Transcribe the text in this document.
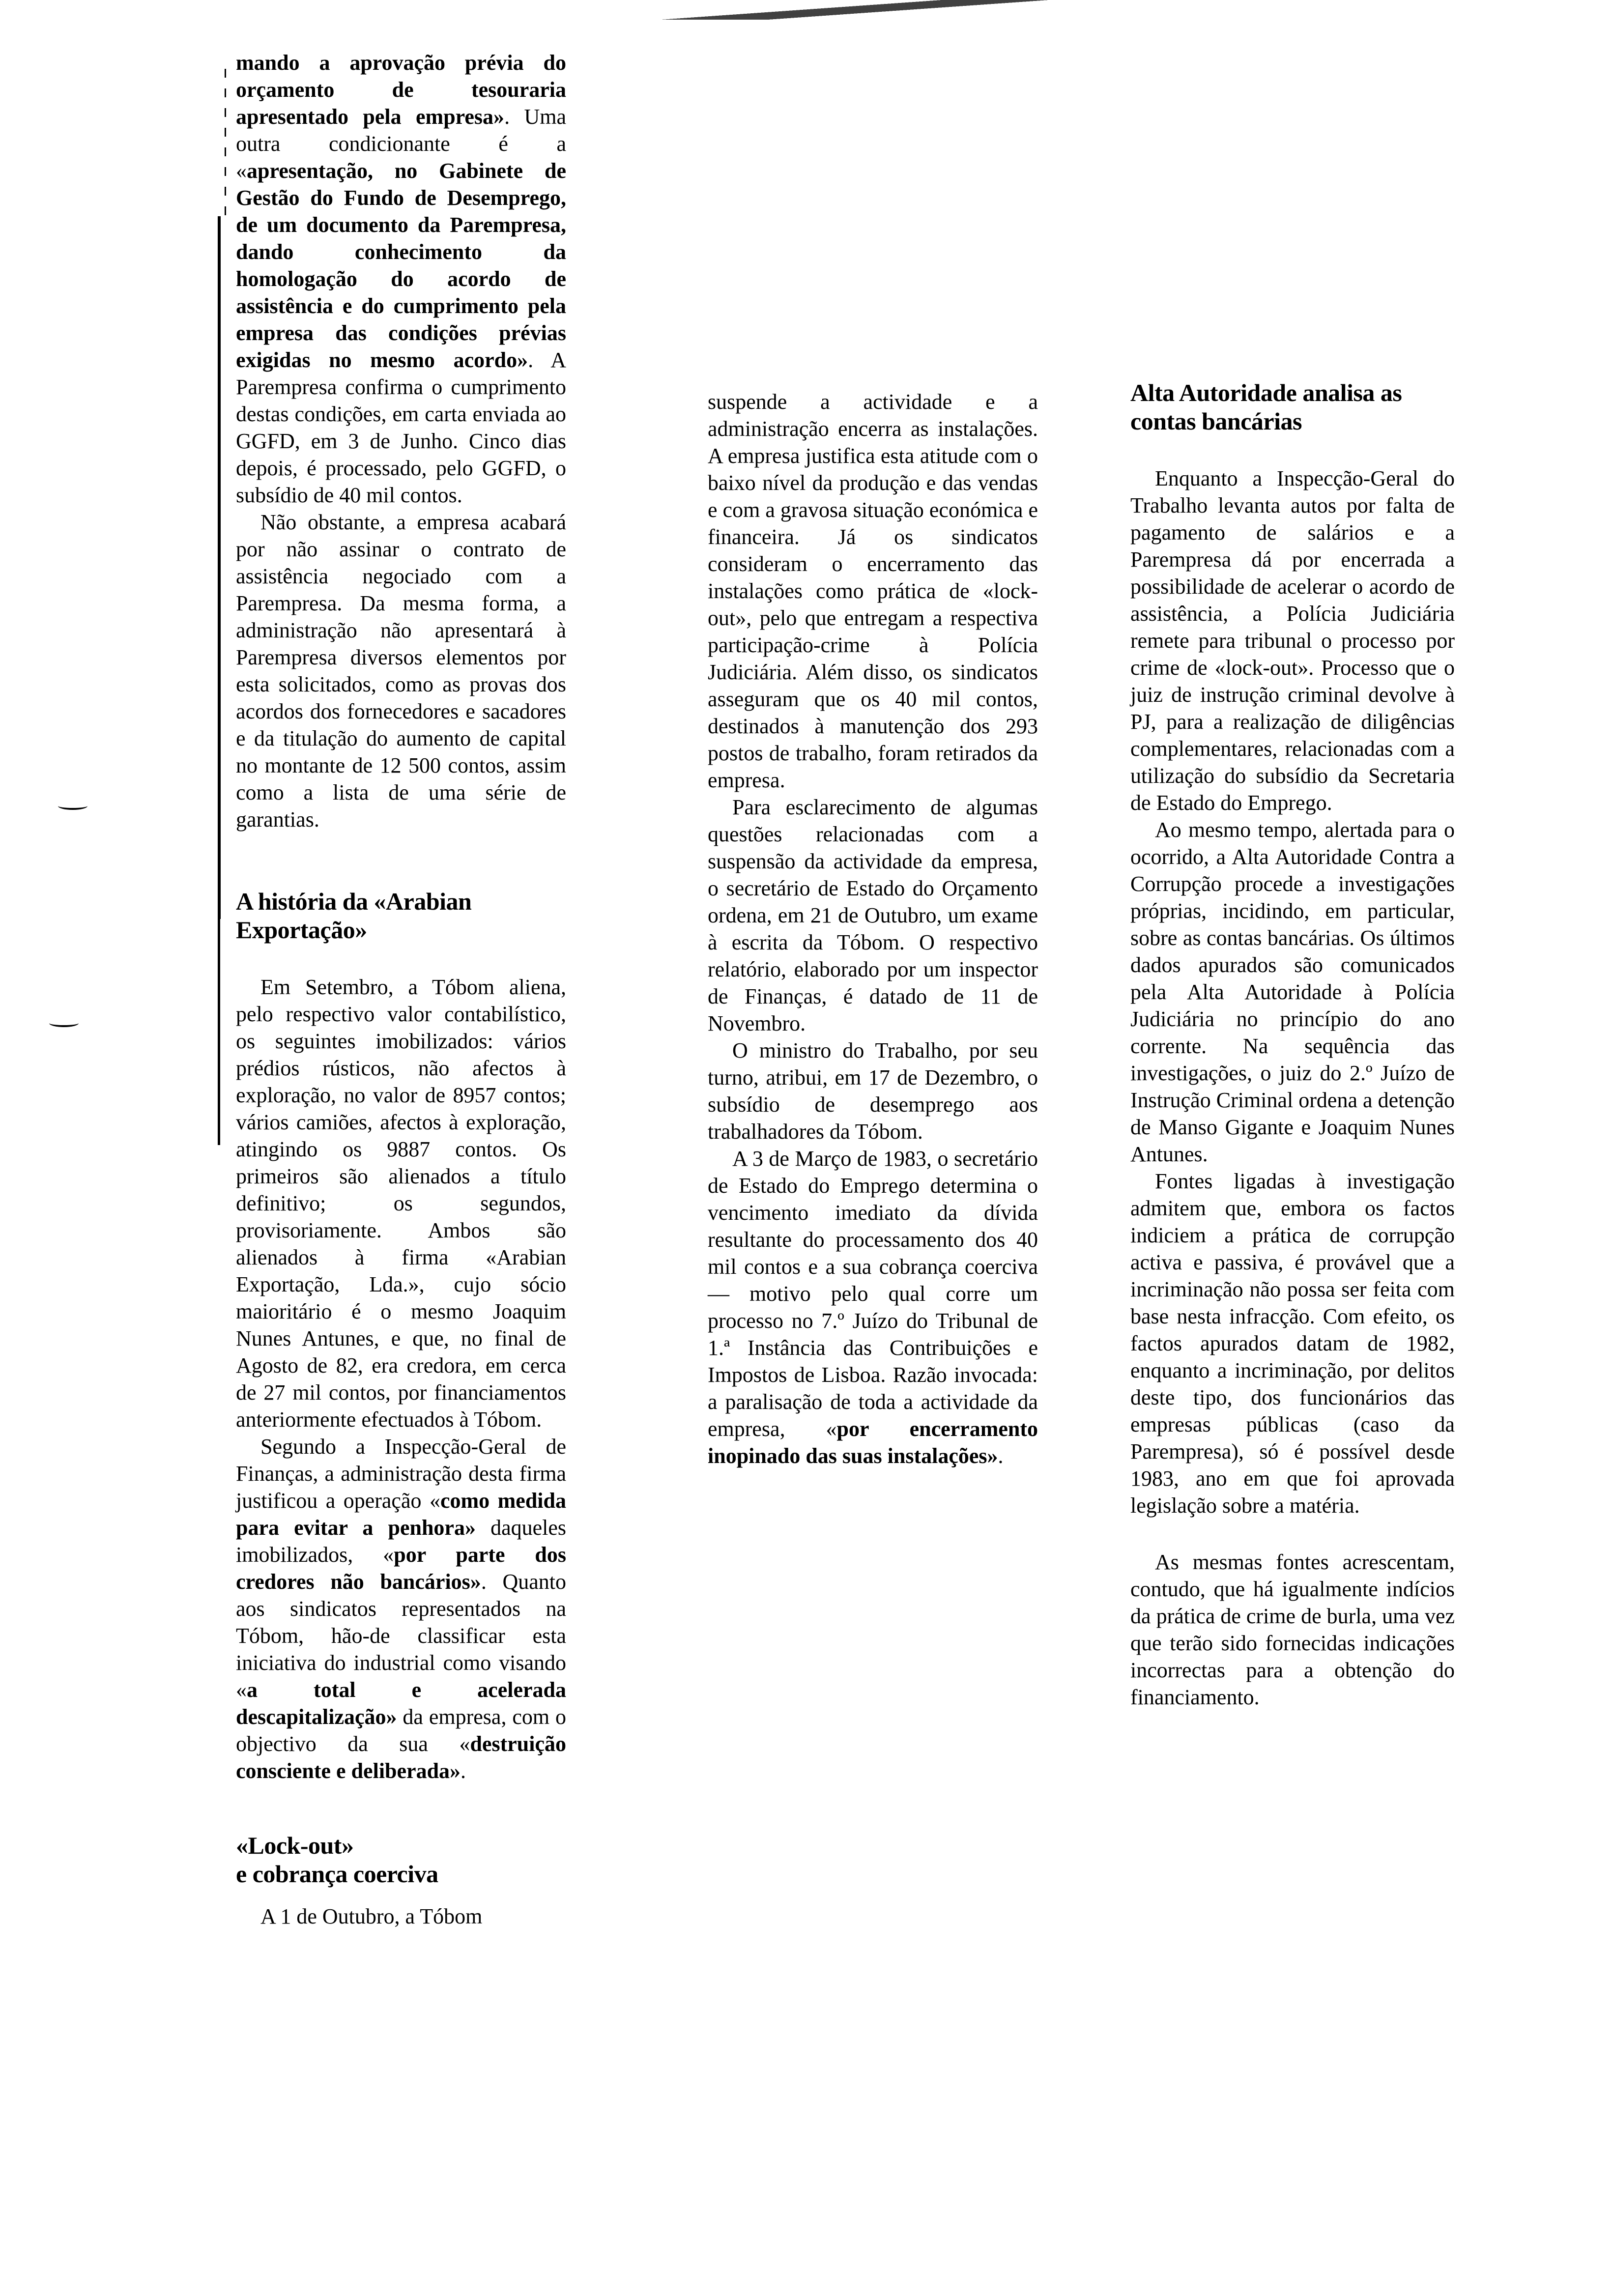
mando a aprovação prévia do orçamento de tesouraria apresentado pela empresa». Uma outra condicionante é a «apresentação, no Gabinete de Gestão do Fundo de Desemprego, de um documento da Parempresa, dando conhecimento da homologação do acordo de assistência e do cumprimento pela empresa das condições prévias exigidas no mesmo acordo». A Parempresa confirma o cumprimento destas condições, em carta enviada ao GGFD, em 3 de Junho. Cinco dias depois, é processado, pelo GGFD, o subsídio de 40 mil contos.

Não obstante, a empresa acabará por não assinar o contrato de assistência negociado com a Parempresa. Da mesma forma, a administração não apresentará à Parempresa diversos elementos por esta solicitados, como as provas dos acordos dos fornecedores e sacadores e da titulação do aumento de capital no montante de 12 500 contos, assim como a lista de uma série de garantias.

A história da «Arabian Exportação»

Em Setembro, a Tóbom aliena, pelo respectivo valor contabilístico, os seguintes imobilizados: vários prédios rústicos, não afectos à exploração, no valor de 8957 contos; vários camiões, afectos à exploração, atingindo os 9887 contos. Os primeiros são alienados a título definitivo; os segundos, provisoriamente. Ambos são alienados à firma «Arabian Exportação, Lda.», cujo sócio maioritário é o mesmo Joaquim Nunes Antunes, e que, no final de Agosto de 82, era credora, em cerca de 27 mil contos, por financiamentos anteriormente efectuados à Tóbom.

Segundo a Inspecção-Geral de Finanças, a administração desta firma justificou a operação «como medida para evitar a penhora» daqueles imobilizados, «por parte dos credores não bancários». Quanto aos sindicatos representados na Tóbom, hão-de classificar esta iniciativa do industrial como visando «a total e acelerada descapitalização» da empresa, com o objectivo da sua «destruição consciente e deliberada».

«Lock-out»
e cobrança coerciva

A 1 de Outubro, a Tóbom

suspende a actividade e a administração encerra as instalações. A empresa justifica esta atitude com o baixo nível da produção e das vendas e com a gravosa situação económica e financeira. Já os sindicatos consideram o encerramento das instalações como prática de «lock-out», pelo que entregam a respectiva participação-crime à Polícia Judiciária. Além disso, os sindicatos asseguram que os 40 mil contos, destinados à manutenção dos 293 postos de trabalho, foram retirados da empresa.

Para esclarecimento de algumas questões relacionadas com a suspensão da actividade da empresa, o secretário de Estado do Orçamento ordena, em 21 de Outubro, um exame à escrita da Tóbom. O respectivo relatório, elaborado por um inspector de Finanças, é datado de 11 de Novembro.

O ministro do Trabalho, por seu turno, atribui, em 17 de Dezembro, o subsídio de desemprego aos trabalhadores da Tóbom.

A 3 de Março de 1983, o secretário de Estado do Emprego determina o vencimento imediato da dívida resultante do processamento dos 40 mil contos e a sua cobrança coerciva — motivo pelo qual corre um processo no 7.º Juízo do Tribunal de 1.ª Instância das Contribuições e Impostos de Lisboa. Razão invocada: a paralisação de toda a actividade da empresa, «por encerramento inopinado das suas instalações».

Alta Autoridade analisa as contas bancárias

Enquanto a Inspecção-Geral do Trabalho levanta autos por falta de pagamento de salários e a Parempresa dá por encerrada a possibilidade de acelerar o acordo de assistência, a Polícia Judiciária remete para tribunal o processo por crime de «lock-out». Processo que o juiz de instrução criminal devolve à PJ, para a realização de diligências complementares, relacionadas com a utilização do subsídio da Secretaria de Estado do Emprego.

Ao mesmo tempo, alertada para o ocorrido, a Alta Autoridade Contra a Corrupção procede a investigações próprias, incidindo, em particular, sobre as contas bancárias. Os últimos dados apurados são comunicados pela Alta Autoridade à Polícia Judiciária no princípio do ano corrente. Na sequência das investigações, o juiz do 2.º Juízo de Instrução Criminal ordena a detenção de Manso Gigante e Joaquim Nunes Antunes.

Fontes ligadas à investigação admitem que, embora os factos indiciem a prática de corrupção activa e passiva, é provável que a incriminação não possa ser feita com base nesta infracção. Com efeito, os factos apurados datam de 1982, enquanto a incriminação, por delitos deste tipo, dos funcionários das empresas públicas (caso da Parempresa), só é possível desde 1983, ano em que foi aprovada legislação sobre a matéria.

As mesmas fontes acrescentam, contudo, que há igualmente indícios da prática de crime de burla, uma vez que terão sido fornecidas indicações incorrectas para a obtenção do financiamento.
